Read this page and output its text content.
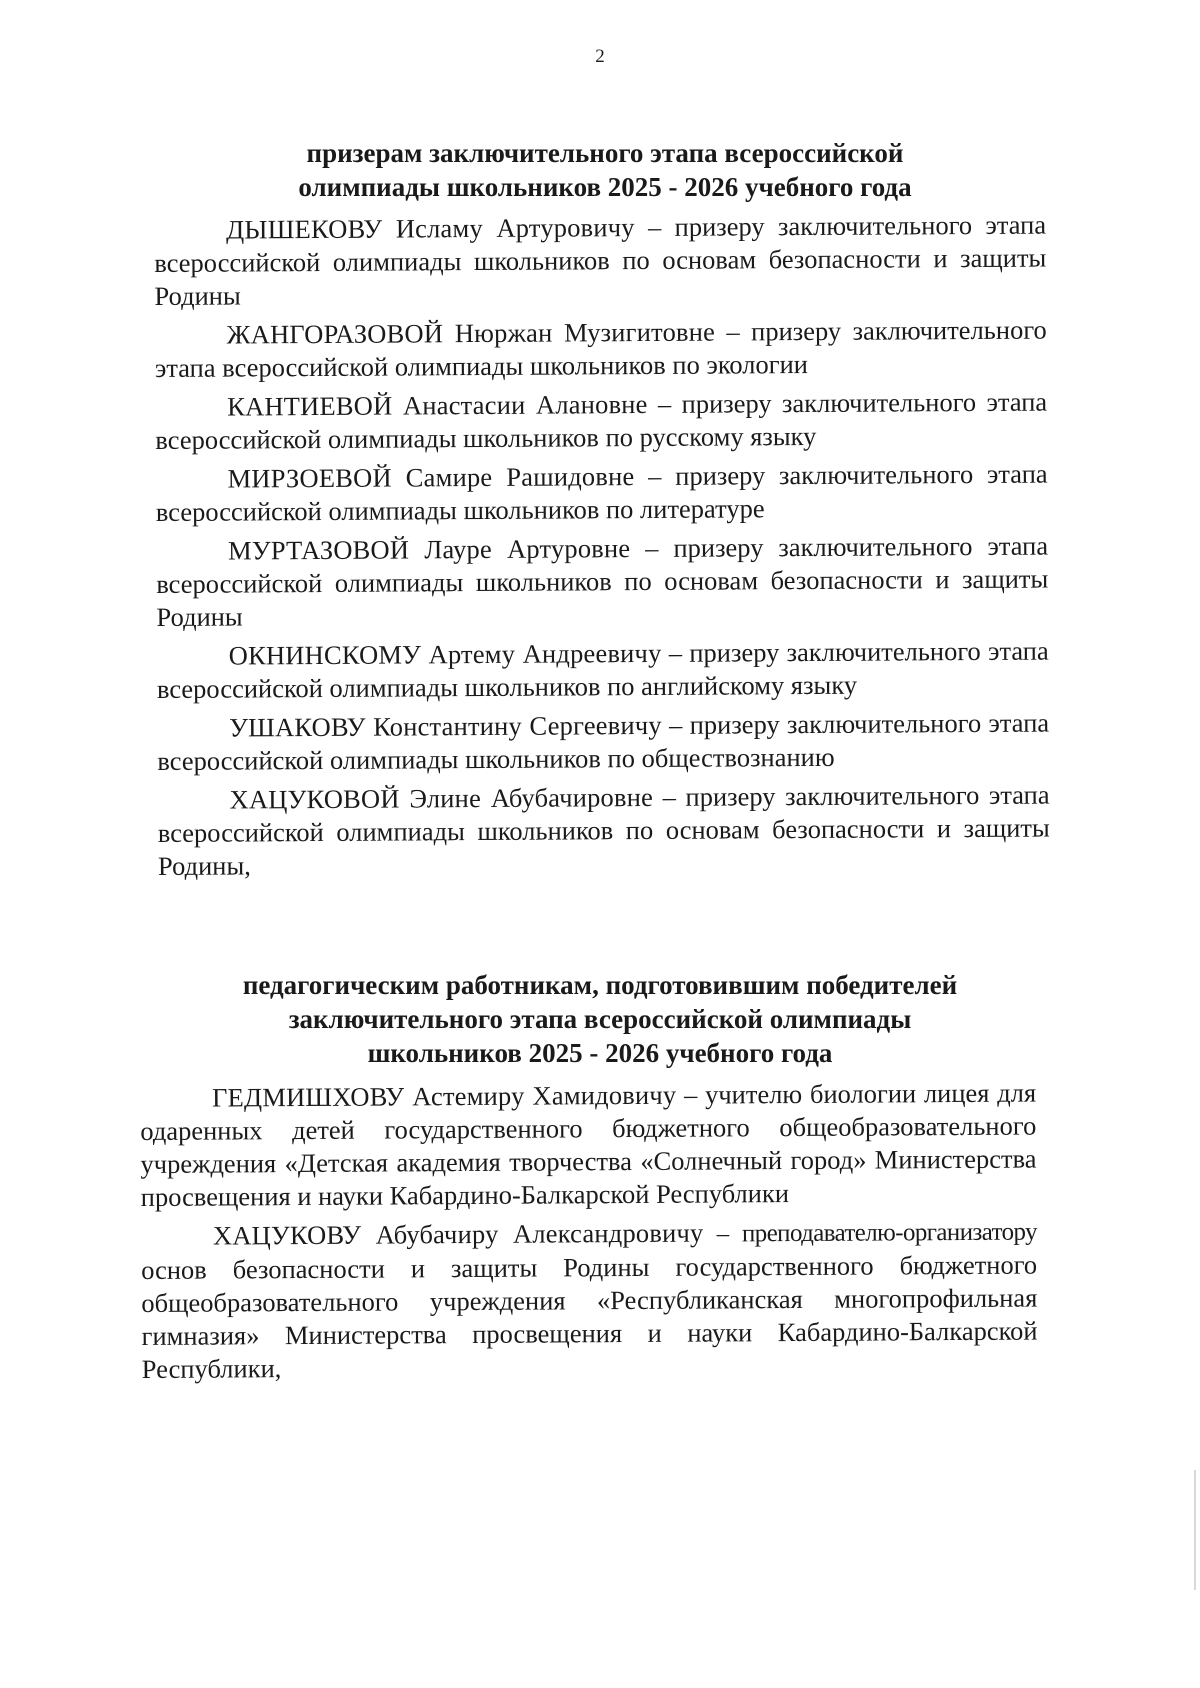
2
призерам заключительного этапа всероссийской
олимпиады школьников 2025 - 2026 учебного года

ДЫШЕКОВУ Исламу Артуровичу – призеру заключительного этапа всероссийской олимпиады школьников по основам безопасности и защиты Родины

ЖАНГОРАЗОВОЙ Нюржан Музигитовне – призеру заключительного этапа всероссийской олимпиады школьников по экологии

КАНТИЕВОЙ Анастасии Алановне – призеру заключительного этапа всероссийской олимпиады школьников по русскому языку

МИРЗОЕВОЙ Самире Рашидовне – призеру заключительного этапа всероссийской олимпиады школьников по литературе

МУРТАЗОВОЙ Лауре Артуровне – призеру заключительного этапа всероссийской олимпиады школьников по основам безопасности и защиты Родины

ОКНИНСКОМУ Артему Андреевичу – призеру заключительного этапа всероссийской олимпиады школьников по английскому языку

УШАКОВУ Константину Сергеевичу – призеру заключительного этапа всероссийской олимпиады школьников по обществознанию

ХАЦУКОВОЙ Элине Абубачировне – призеру заключительного этапа всероссийской олимпиады школьников по основам безопасности и защиты Родины,

педагогическим работникам, подготовившим победителей
заключительного этапа всероссийской олимпиады
школьников 2025 - 2026 учебного года

ГЕДМИШХОВУ Астемиру Хамидовичу – учителю биологии лицея для одаренных детей государственного бюджетного общеобразовательного учреждения «Детская академия творчества «Солнечный город» Министерства просвещения и науки Кабардино-Балкарской Республики

ХАЦУКОВУ Абубачиру Александровичу – преподавателю-организатору основ безопасности и защиты Родины государственного бюджетного общеобразовательного учреждения «Республиканская многопрофильная гимназия» Министерства просвещения и науки Кабардино-Балкарской Республики,
